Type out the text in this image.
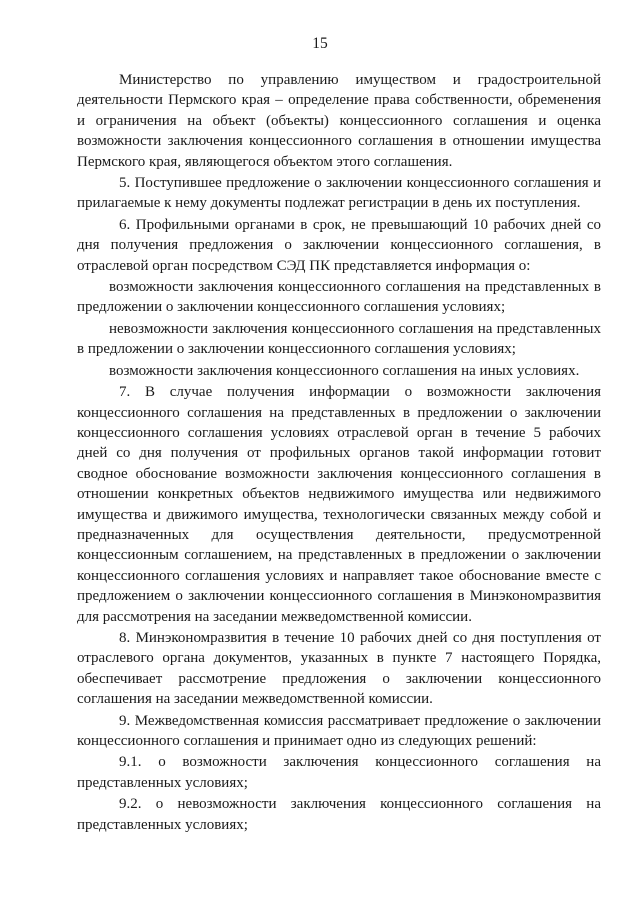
15

Министерство по управлению имуществом и градостроительной деятельности Пермского края – определение права собственности, обременения и ограничения на объект (объекты) концессионного соглашения и оценка возможности заключения концессионного соглашения в отношении имущества Пермского края, являющегося объектом этого соглашения.

5. Поступившее предложение о заключении концессионного соглашения и прилагаемые к нему документы подлежат регистрации в день их поступления.

6. Профильными органами в срок, не превышающий 10 рабочих дней со дня получения предложения о заключении концессионного соглашения, в отраслевой орган посредством СЭД ПК представляется информация о:

возможности заключения концессионного соглашения на представленных в предложении о заключении концессионного соглашения условиях;

невозможности заключения концессионного соглашения на представленных в предложении о заключении концессионного соглашения условиях;

возможности заключения концессионного соглашения на иных условиях.

7. В случае получения информации о возможности заключения концессионного соглашения на представленных в предложении о заключении концессионного соглашения условиях отраслевой орган в течение 5 рабочих дней со дня получения от профильных органов такой информации готовит сводное обоснование возможности заключения концессионного соглашения в отношении конкретных объектов недвижимого имущества или недвижимого имущества и движимого имущества, технологически связанных между собой и предназначенных для осуществления деятельности, предусмотренной концессионным соглашением, на представленных в предложении о заключении концессионного соглашения условиях и направляет такое обоснование вместе с предложением о заключении концессионного соглашения в Минэкономразвития для рассмотрения на заседании межведомственной комиссии.

8. Минэкономразвития в течение 10 рабочих дней со дня поступления от отраслевого органа документов, указанных в пункте 7 настоящего Порядка, обеспечивает рассмотрение предложения о заключении концессионного соглашения на заседании межведомственной комиссии.

9. Межведомственная комиссия рассматривает предложение о заключении концессионного соглашения и принимает одно из следующих решений:

9.1. о возможности заключения концессионного соглашения на представленных условиях;

9.2. о невозможности заключения концессионного соглашения на представленных условиях;
